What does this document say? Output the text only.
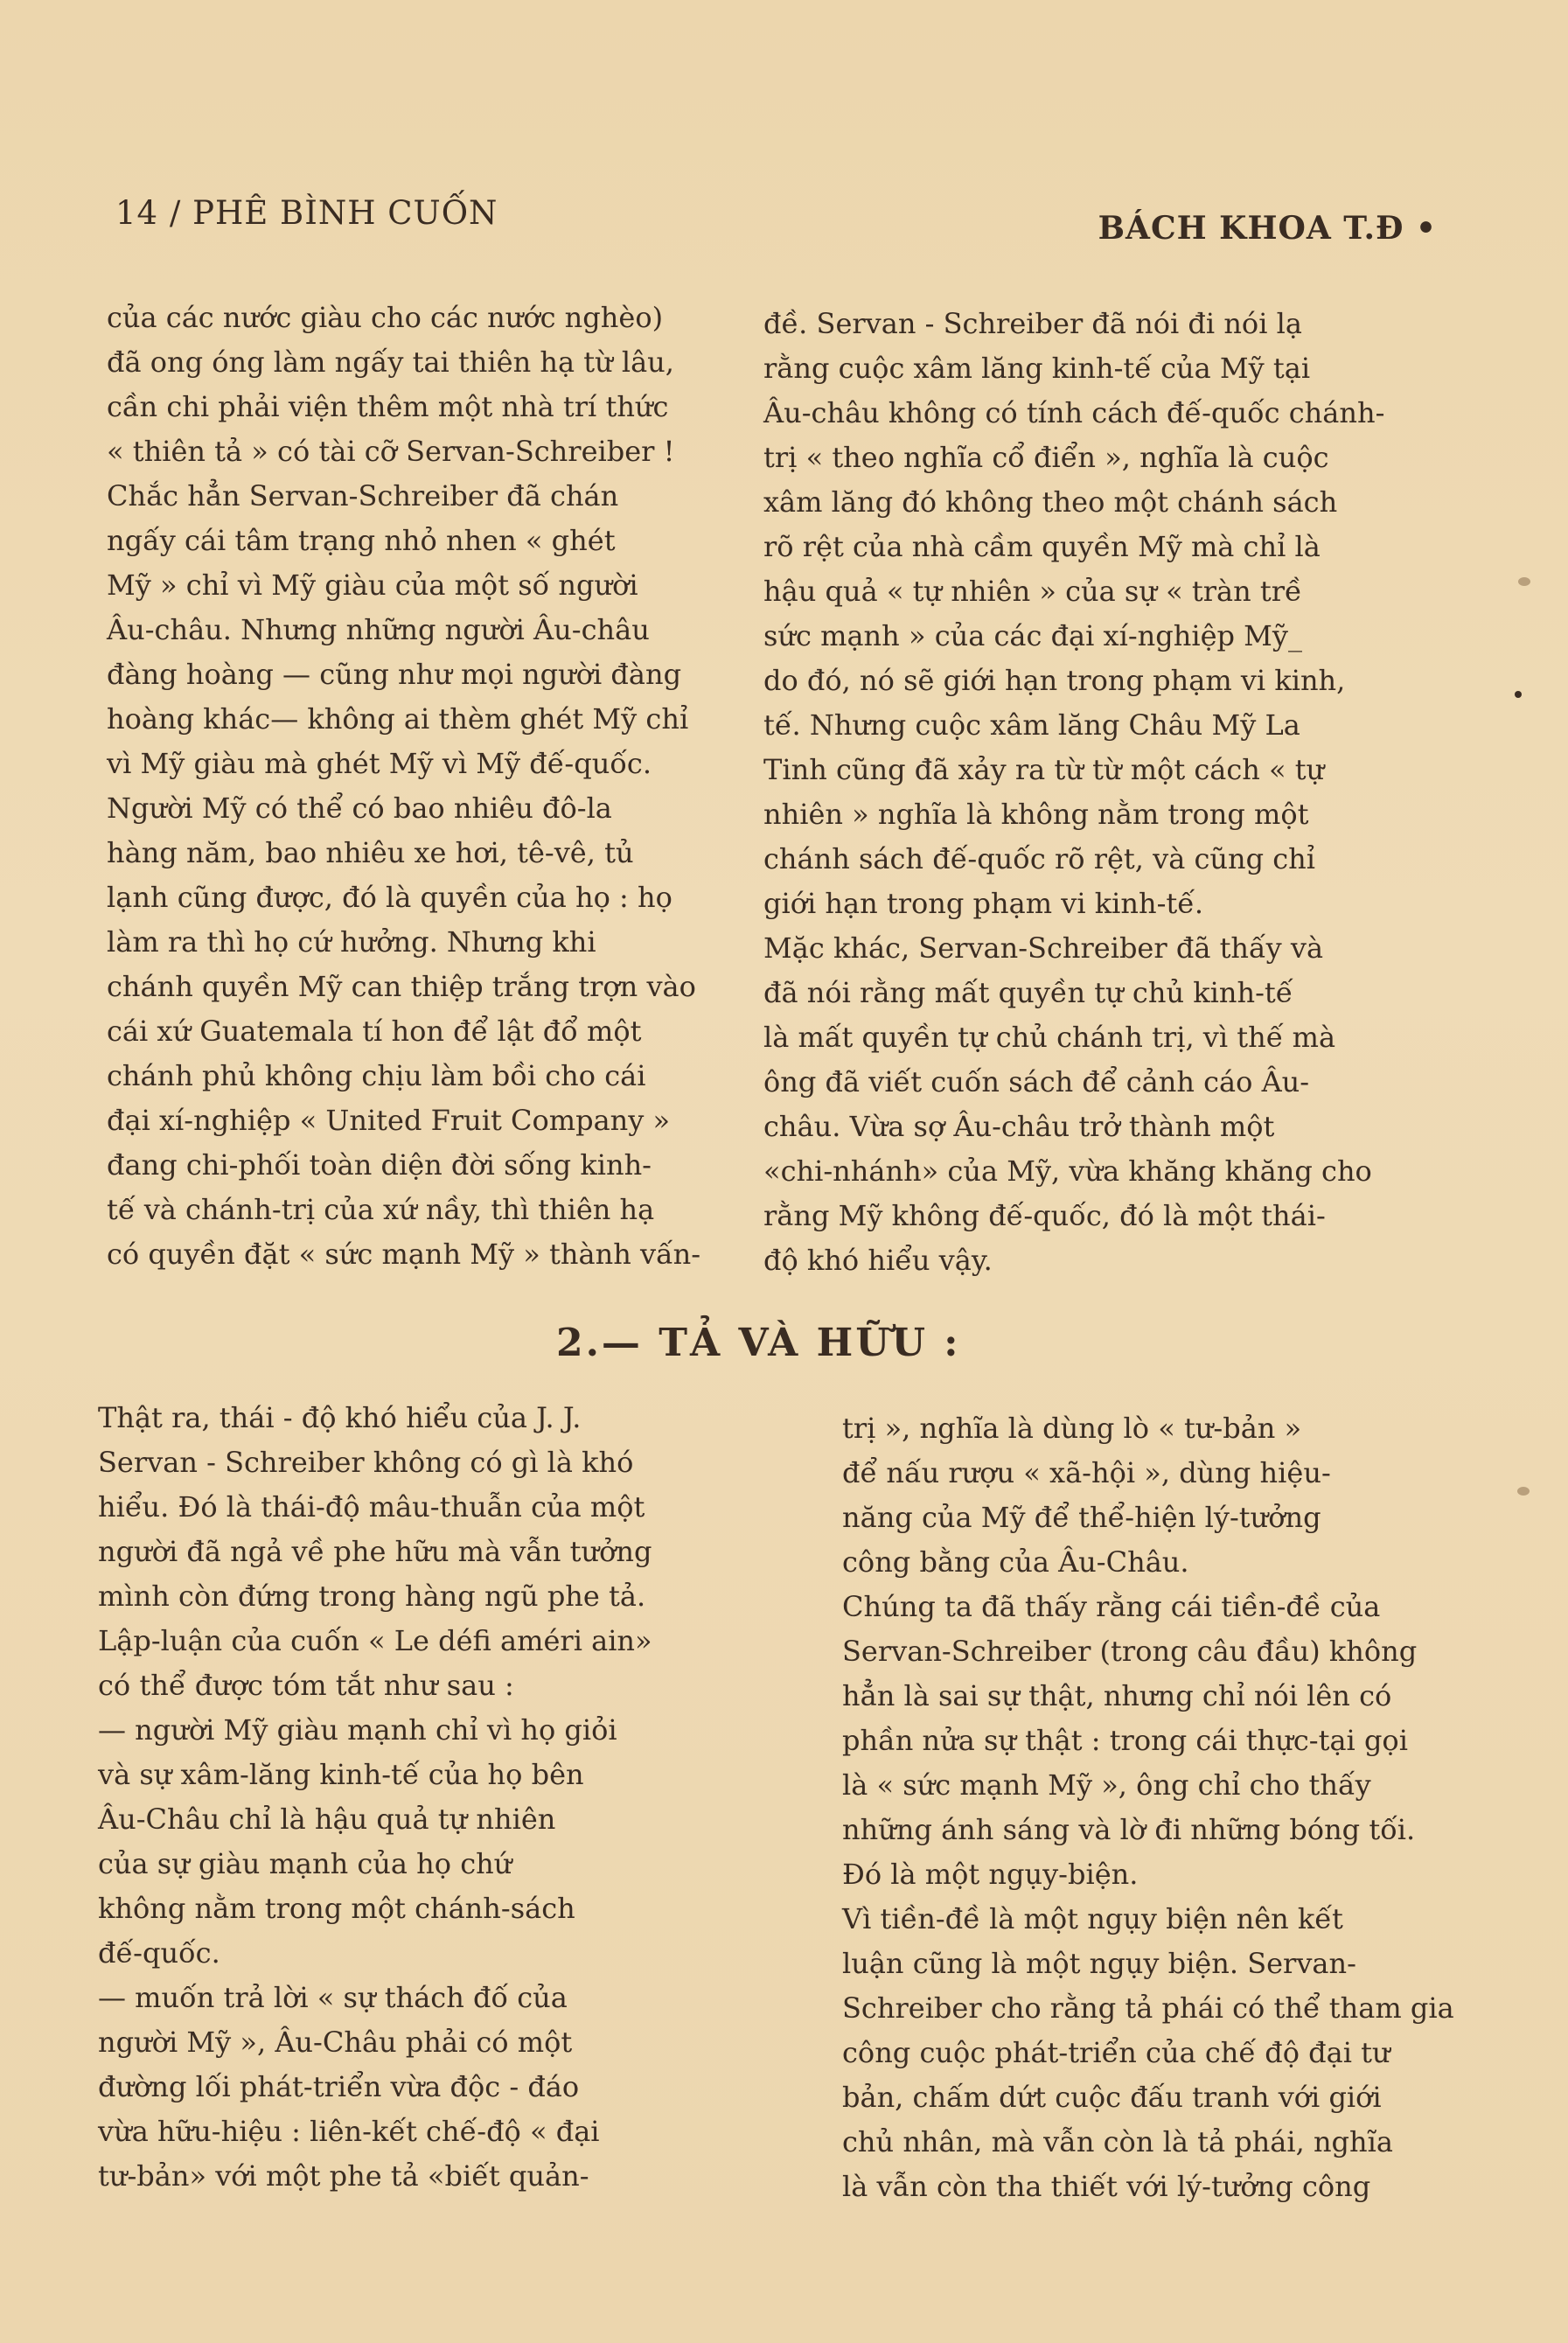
14 / PHÊ BÌNH CUỐN	BÁCH KHOA T.Đ •
của các nước giàu cho các nước nghèo)
đã ong óng làm ngấy tai thiên hạ từ lâu,
cần chi phải viện thêm một nhà trí thức
« thiên tả » có tài cỡ Servan-Schreiber !
Chắc hẳn Servan-Schreiber đã chán
ngấy cái tâm trạng nhỏ nhen « ghét
Mỹ » chỉ vì Mỹ giàu của một số người
Âu-châu. Nhưng những người Âu-châu
đàng hoàng — cũng như mọi người đàng
hoàng khác— không ai thèm ghét Mỹ chỉ
vì Mỹ giàu mà ghét Mỹ vì Mỹ đế-quốc.
Người Mỹ có thể có bao nhiêu đô-la
hàng năm, bao nhiêu xe hơi, tê-vê, tủ
lạnh cũng được, đó là quyền của họ : họ
làm ra thì họ cứ hưởng. Nhưng khi
chánh quyền Mỹ can thiệp trắng trợn vào
cái xứ Guatemala tí hon để lật đổ một
chánh phủ không chịu làm bồi cho cái
đại xí-nghiệp « United Fruit Company »
đang chi-phối toàn diện đời sống kinh-
tế và chánh-trị của xứ nầy, thì thiên hạ
có quyền đặt « sức mạnh Mỹ » thành vấn-
đề. Servan - Schreiber đã nói đi nói lạ
rằng cuộc xâm lăng kinh-tế của Mỹ tại
Âu-châu không có tính cách đế-quốc chánh-
trị « theo nghĩa cổ điển », nghĩa là cuộc
xâm lăng đó không theo một chánh sách
rõ rệt của nhà cầm quyền Mỹ mà chỉ là
hậu quả « tự nhiên » của sự « tràn trề
sức mạnh » của các đại xí-nghiệp Mỹ_
do đó, nó sẽ giới hạn trong phạm vi kinh,
tế. Nhưng cuộc xâm lăng Châu Mỹ La
Tinh cũng đã xảy ra từ từ một cách « tự
nhiên » nghĩa là không nằm trong một
chánh sách đế-quốc rõ rệt, và cũng chỉ
giới hạn trong phạm vi kinh-tế.
Mặc khác, Servan-Schreiber đã thấy và
đã nói rằng mất quyền tự chủ kinh-tế
là mất quyền tự chủ chánh trị, vì thế mà
ông đã viết cuốn sách để cảnh cáo Âu-
châu. Vừa sợ Âu-châu trở thành một
«chi-nhánh» của Mỹ, vừa khăng khăng cho
rằng Mỹ không đế-quốc, đó là một thái-
độ khó hiểu vậy.
2.— TẢ VÀ HỮU :
Thật ra, thái - độ khó hiểu của J. J.
Servan - Schreiber không có gì là khó
hiểu. Đó là thái-độ mâu-thuẫn của một
người đã ngả về phe hữu mà vẫn tưởng
mình còn đứng trong hàng ngũ phe tả.
Lập-luận của cuốn « Le défi améri ain»
có thể được tóm tắt như sau :
— người Mỹ giàu mạnh chỉ vì họ giỏi
và sự xâm-lăng kinh-tế của họ bên
Âu-Châu chỉ là hậu quả tự nhiên
của sự giàu mạnh của họ chứ
không nằm trong một chánh-sách
đế-quốc.
— muốn trả lời « sự thách đố của
người Mỹ », Âu-Châu phải có một
đường lối phát-triển vừa độc - đáo
vừa hữu-hiệu : liên-kết chế-độ « đại
tư-bản» với một phe tả «biết quản-
trị », nghĩa là dùng lò « tư-bản »
để nấu rượu « xã-hội », dùng hiệu-
năng của Mỹ để thể-hiện lý-tưởng
công bằng của Âu-Châu.
Chúng ta đã thấy rằng cái tiền-đề của
Servan-Schreiber (trong câu đầu) không
hẳn là sai sự thật, nhưng chỉ nói lên có
phần nửa sự thật : trong cái thực-tại gọi
là « sức mạnh Mỹ », ông chỉ cho thấy
những ánh sáng và lờ đi những bóng tối.
Đó là một ngụy-biện.
Vì tiền-đề là một ngụy biện nên kết
luận cũng là một ngụy biện. Servan-
Schreiber cho rằng tả phái có thể tham gia
công cuộc phát-triển của chế độ đại tư
bản, chấm dứt cuộc đấu tranh với giới
chủ nhân, mà vẫn còn là tả phái, nghĩa
là vẫn còn tha thiết với lý-tưởng công
